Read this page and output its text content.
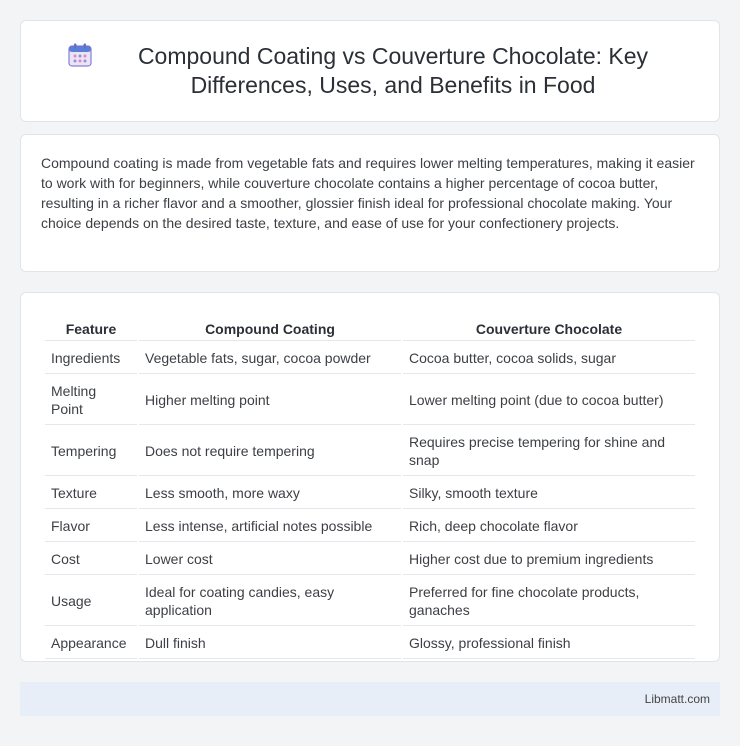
Compound Coating vs Couverture Chocolate: Key Differences, Uses, and Benefits in Food

Compound coating is made from vegetable fats and requires lower melting temperatures, making it easier to work with for beginners, while couverture chocolate contains a higher percentage of cocoa butter, resulting in a richer flavor and a smoother, glossier finish ideal for professional chocolate making. Your choice depends on the desired taste, texture, and ease of use for your confectionery projects.

Feature	Compound Coating	Couverture Chocolate
Ingredients	Vegetable fats, sugar, cocoa powder	Cocoa butter, cocoa solids, sugar
Melting Point	Higher melting point	Lower melting point (due to cocoa butter)
Tempering	Does not require tempering	Requires precise tempering for shine and snap
Texture	Less smooth, more waxy	Silky, smooth texture
Flavor	Less intense, artificial notes possible	Rich, deep chocolate flavor
Cost	Lower cost	Higher cost due to premium ingredients
Usage	Ideal for coating candies, easy application	Preferred for fine chocolate products, ganaches
Appearance	Dull finish	Glossy, professional finish
Libmatt.com
